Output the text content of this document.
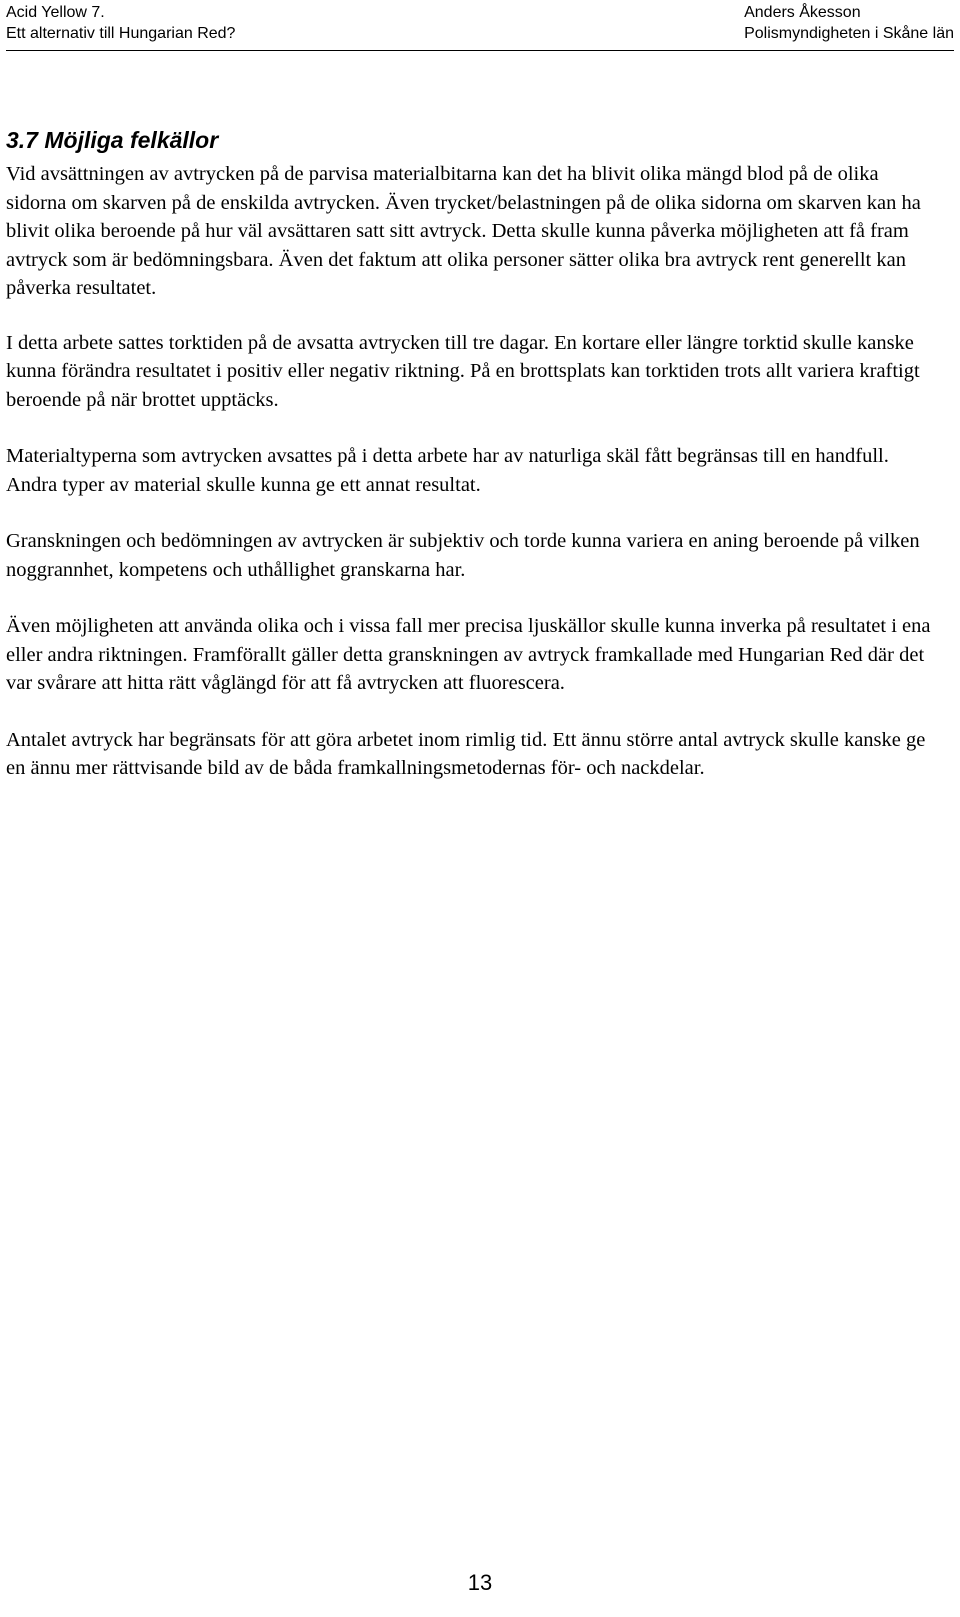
Acid Yellow 7.
Ett alternativ till Hungarian Red?
Anders Åkesson
Polismyndigheten i Skåne län
3.7 Möjliga felkällor

Vid avsättningen av avtrycken på de parvisa materialbitarna kan det ha blivit olika mängd blod på de olika sidorna om skarven på de enskilda avtrycken. Även trycket/belastningen på de olika sidorna om skarven kan ha blivit olika beroende på hur väl avsättaren satt sitt avtryck. Detta skulle kunna påverka möjligheten att få fram avtryck som är bedömningsbara. Även det faktum att olika personer sätter olika bra avtryck rent generellt kan påverka resultatet.

I detta arbete sattes torktiden på de avsatta avtrycken till tre dagar. En kortare eller längre torktid skulle kanske kunna förändra resultatet i positiv eller negativ riktning. På en brottsplats kan torktiden trots allt variera kraftigt beroende på när brottet upptäcks.

Materialtyperna som avtrycken avsattes på i detta arbete har av naturliga skäl fått begränsas till en handfull. Andra typer av material skulle kunna ge ett annat resultat.

Granskningen och bedömningen av avtrycken är subjektiv och torde kunna variera en aning beroende på vilken noggrannhet, kompetens och uthållighet granskarna har.

Även möjligheten att använda olika och i vissa fall mer precisa ljuskällor skulle kunna inverka på resultatet i ena eller andra riktningen. Framförallt gäller detta granskningen av avtryck framkallade med Hungarian Red där det var svårare att hitta rätt våglängd för att få avtrycken att fluorescera.

Antalet avtryck har begränsats för att göra arbetet inom rimlig tid. Ett ännu större antal avtryck skulle kanske ge en ännu mer rättvisande bild av de båda framkallningsmetodernas för- och nackdelar.

13
